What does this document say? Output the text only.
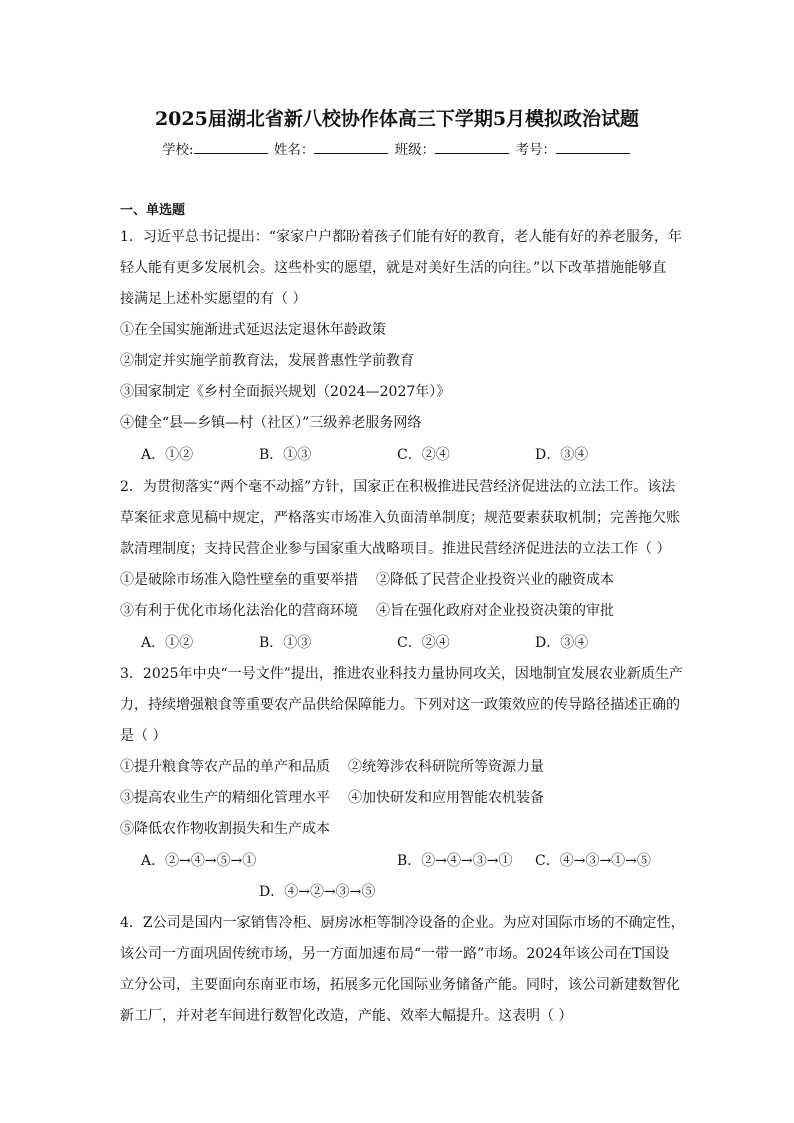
2025届湖北省新八校协作体高三下学期5月模拟政治试题
学校:	姓名：	班级：	考号：
一、单选题
1．习近平总书记提出：“家家户户都盼着孩子们能有好的教育，老人能有好的养老服务，年
轻人能有更多发展机会。这些朴实的愿望，就是对美好生活的向往。”以下改革措施能够直
接满足上述朴实愿望的有（ ）
①在全国实施渐进式延迟法定退休年龄政策
②制定并实施学前教育法，发展普惠性学前教育
③国家制定《乡村全面振兴规划（2024—2027年）》
④健全“县—乡镇—村（社区）”三级养老服务网络
A．①②	B．①③	C．②④	D．③④
2．为贯彻落实“两个毫不动摇”方针，国家正在积极推进民营经济促进法的立法工作。该法
草案征求意见稿中规定，严格落实市场准入负面清单制度；规范要素获取机制；完善拖欠账
款清理制度；支持民营企业参与国家重大战略项目。推进民营经济促进法的立法工作（ ）
①是破除市场准入隐性壁垒的重要举措 ②降低了民营企业投资兴业的融资成本
③有利于优化市场化法治化的营商环境 ④旨在强化政府对企业投资决策的审批
A．①②	B．①③	C．②④	D．③④
3．2025年中央“一号文件”提出，推进农业科技力量协同攻关，因地制宜发展农业新质生产
力，持续增强粮食等重要农产品供给保障能力。下列对这一政策效应的传导路径描述正确的
是（ ）
①提升粮食等农产品的单产和品质 ②统筹涉农科研院所等资源力量
③提高农业生产的精细化管理水平 ④加快研发和应用智能农机装备
⑤降低农作物收割损失和生产成本
A．②→④→⑤→①	B．②→④→③→① C．④→③→①→⑤
D．④→②→③→⑤
4．Z公司是国内一家销售冷柜、厨房冰柜等制冷设备的企业。为应对国际市场的不确定性，
该公司一方面巩固传统市场，另一方面加速布局“一带一路”市场。2024年该公司在T国设
立分公司，主要面向东南亚市场，拓展多元化国际业务储备产能。同时，该公司新建数智化
新工厂，并对老车间进行数智化改造，产能、效率大幅提升。这表明（ ）
